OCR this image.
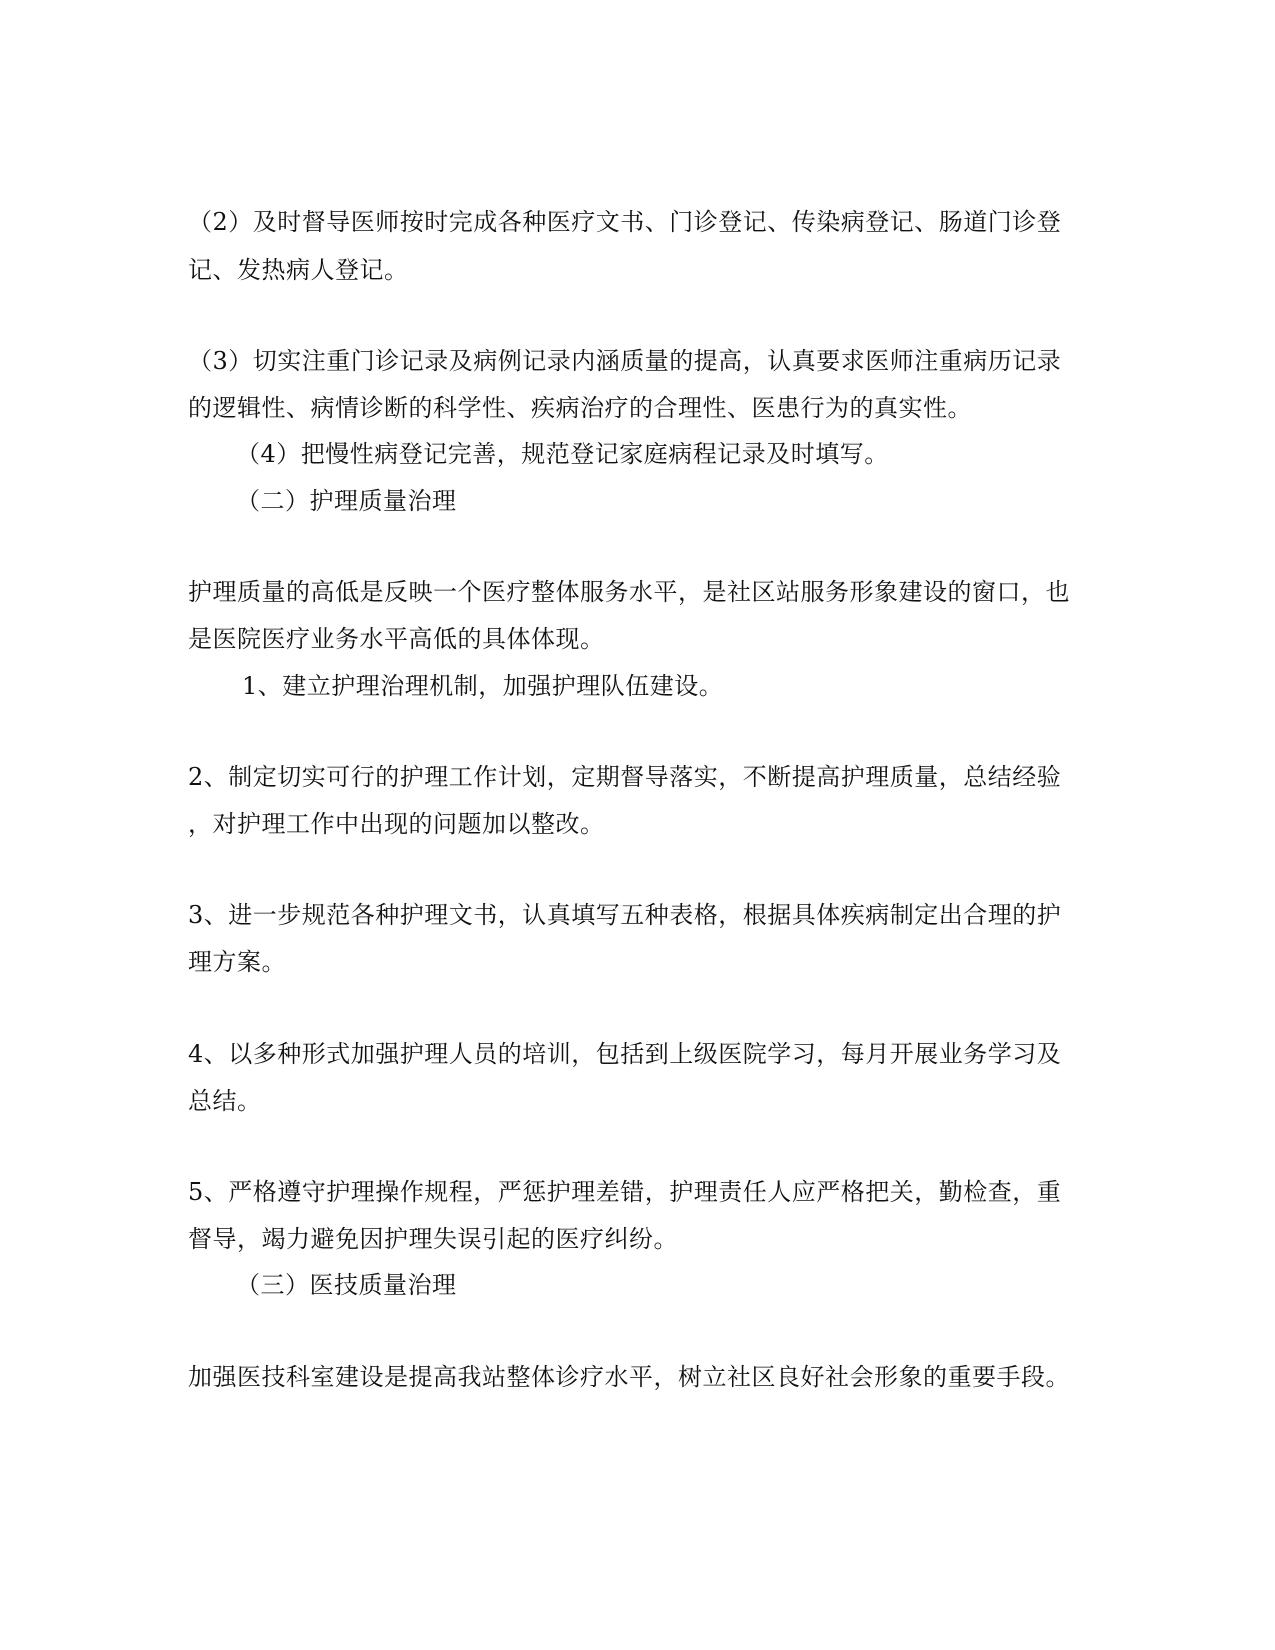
（2）及时督导医师按时完成各种医疗文书、门诊登记、传染病登记、肠道门诊登
记、发热病人登记。
（3）切实注重门诊记录及病例记录内涵质量的提高，认真要求医师注重病历记录
的逻辑性、病情诊断的科学性、疾病治疗的合理性、医患行为的真实性。
（4）把慢性病登记完善，规范登记家庭病程记录及时填写。
（二）护理质量治理
护理质量的高低是反映一个医疗整体服务水平，是社区站服务形象建设的窗口，也
是医院医疗业务水平高低的具体体现。
1、建立护理治理机制，加强护理队伍建设。
2、制定切实可行的护理工作计划，定期督导落实，不断提高护理质量，总结经验
，对护理工作中出现的问题加以整改。
3、进一步规范各种护理文书，认真填写五种表格，根据具体疾病制定出合理的护
理方案。
4、以多种形式加强护理人员的培训，包括到上级医院学习，每月开展业务学习及
总结。
5、严格遵守护理操作规程，严惩护理差错，护理责任人应严格把关，勤检查，重
督导，竭力避免因护理失误引起的医疗纠纷。
（三）医技质量治理
加强医技科室建设是提高我站整体诊疗水平，树立社区良好社会形象的重要手段。
